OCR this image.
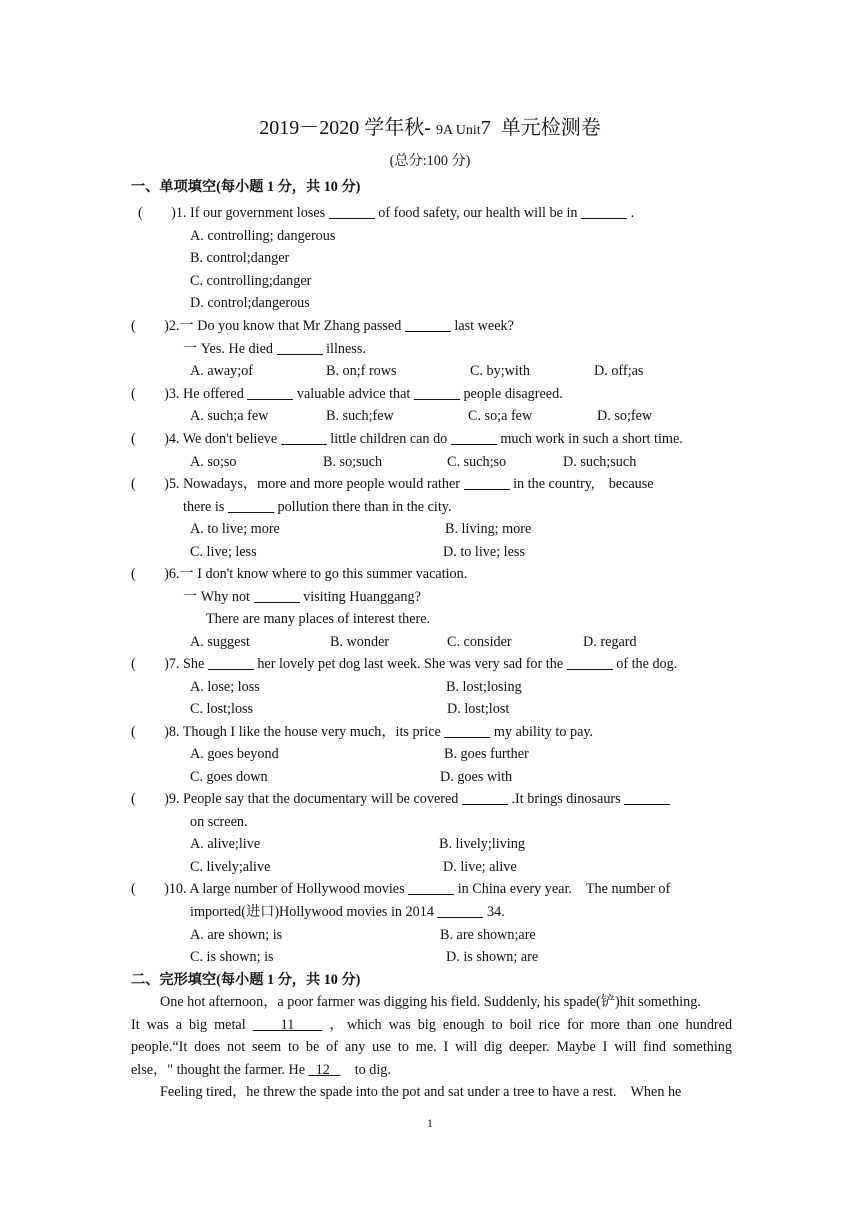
2019－2020 学年秋- 9A Unit7  单元检测卷
(总分:100 分)
一、单项填空(每小题 1 分，共 10 分)
(        )1. If our government loses	of food safety, our health will be in	.
A. controlling; dangerous
B. control;danger
C. controlling;danger
D. control;dangerous
(        )2.一 Do you know that Mr Zhang passed	last week?
一 Yes. He died	illness.
A. away;of	B. on;f rows	C. by;with	D. off;as
(        )3. He offered	valuable advice that	people disagreed.
A. such;a few	B. such;few	C. so;a few	D. so;few
(        )4. We don't believe	little children can do	much work in such a short time.
A. so;so	B. so;such	C. such;so	D. such;such
(        )5. Nowadays，more and more people would rather	in the country,    because
there is	pollution there than in the city.
A. to live; more	B. living; more
C. live; less	D. to live; less
(        )6.一 I don't know where to go this summer vacation.
一 Why not	visiting Huanggang?
There are many places of interest there.
A. suggest	B. wonder	C. consider	D. regard
(        )7. She	her lovely pet dog last week. She was very sad for the	of the dog.
A. lose; loss	B. lost;losing
C. lost;loss	D. lost;lost
(        )8. Though I like the house very much，its price	my ability to pay.
A. goes beyond	B. goes further
C. goes down	D. goes with
(        )9. People say that the documentary will be covered	.It brings dinosaurs
on screen.
A. alive;live	B. lively;living
C. lively;alive	D. live; alive
(        )10. A large number of Hollywood movies	in China every year.    The number of
imported(进口)Hollywood movies in 2014	34.
A. are shown; is	B. are shown;are
C. is shown; is	D. is shown; are
二、完形填空(每小题 1 分，共 10 分)
One hot afternoon，a poor farmer was digging his field. Suddenly, his spade(铲)hit something.
It was a big metal 11 ，which was big enough to boil rice for more than one hundred
people.“It does not seem to be of any use to me. I will dig deeper. Maybe I will find something
else，" thought the farmer. He   12 to dig.
Feeling tired，he threw the spade into the pot and sat under a tree to have a rest.    When he
1
